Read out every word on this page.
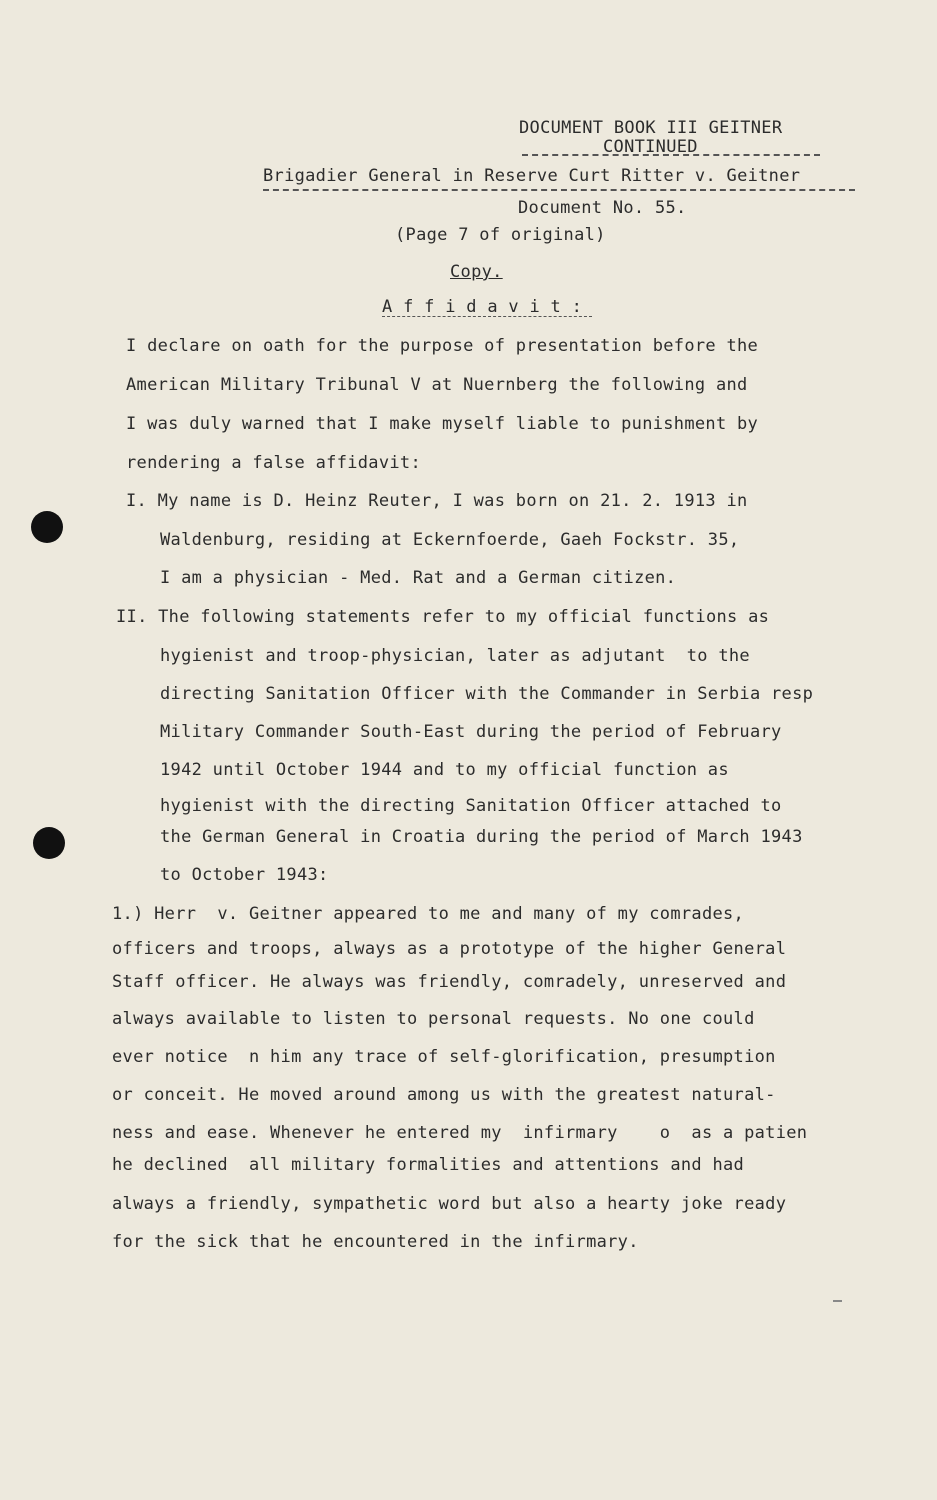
DOCUMENT BOOK III GEITNER
CONTINUED
Brigadier General in Reserve Curt Ritter v. Geitner
Document No. 55.
(Page 7 of original)
Copy.
A f f i d a v i t :
I declare on oath for the purpose of presentation before the
American Military Tribunal V at Nuernberg the following and
I was duly warned that I make myself liable to punishment by
rendering a false affidavit:
I. My name is D. Heinz Reuter, I was born on 21. 2. 1913 in
Waldenburg, residing at Eckernfoerde, Gaeh Fockstr. 35,
I am a physician - Med. Rat and a German citizen.
II. The following statements refer to my official functions as
hygienist and troop-physician, later as adjutant  to the
directing Sanitation Officer with the Commander in Serbia resp
Military Commander South-East during the period of February
1942 until October 1944 and to my official function as
hygienist with the directing Sanitation Officer attached to
the German General in Croatia during the period of March 1943
to October 1943:
1.) Herr  v. Geitner appeared to me and many of my comrades,
officers and troops, always as a prototype of the higher General
Staff officer. He always was friendly, comradely, unreserved and
always available to listen to personal requests. No one could
ever notice  n him any trace of self-glorification, presumption
or conceit. He moved around among us with the greatest natural-
ness and ease. Whenever he entered my  infirmary    o  as a patien
he declined  all military formalities and attentions and had
always a friendly, sympathetic word but also a hearty joke ready
for the sick that he encountered in the infirmary.
